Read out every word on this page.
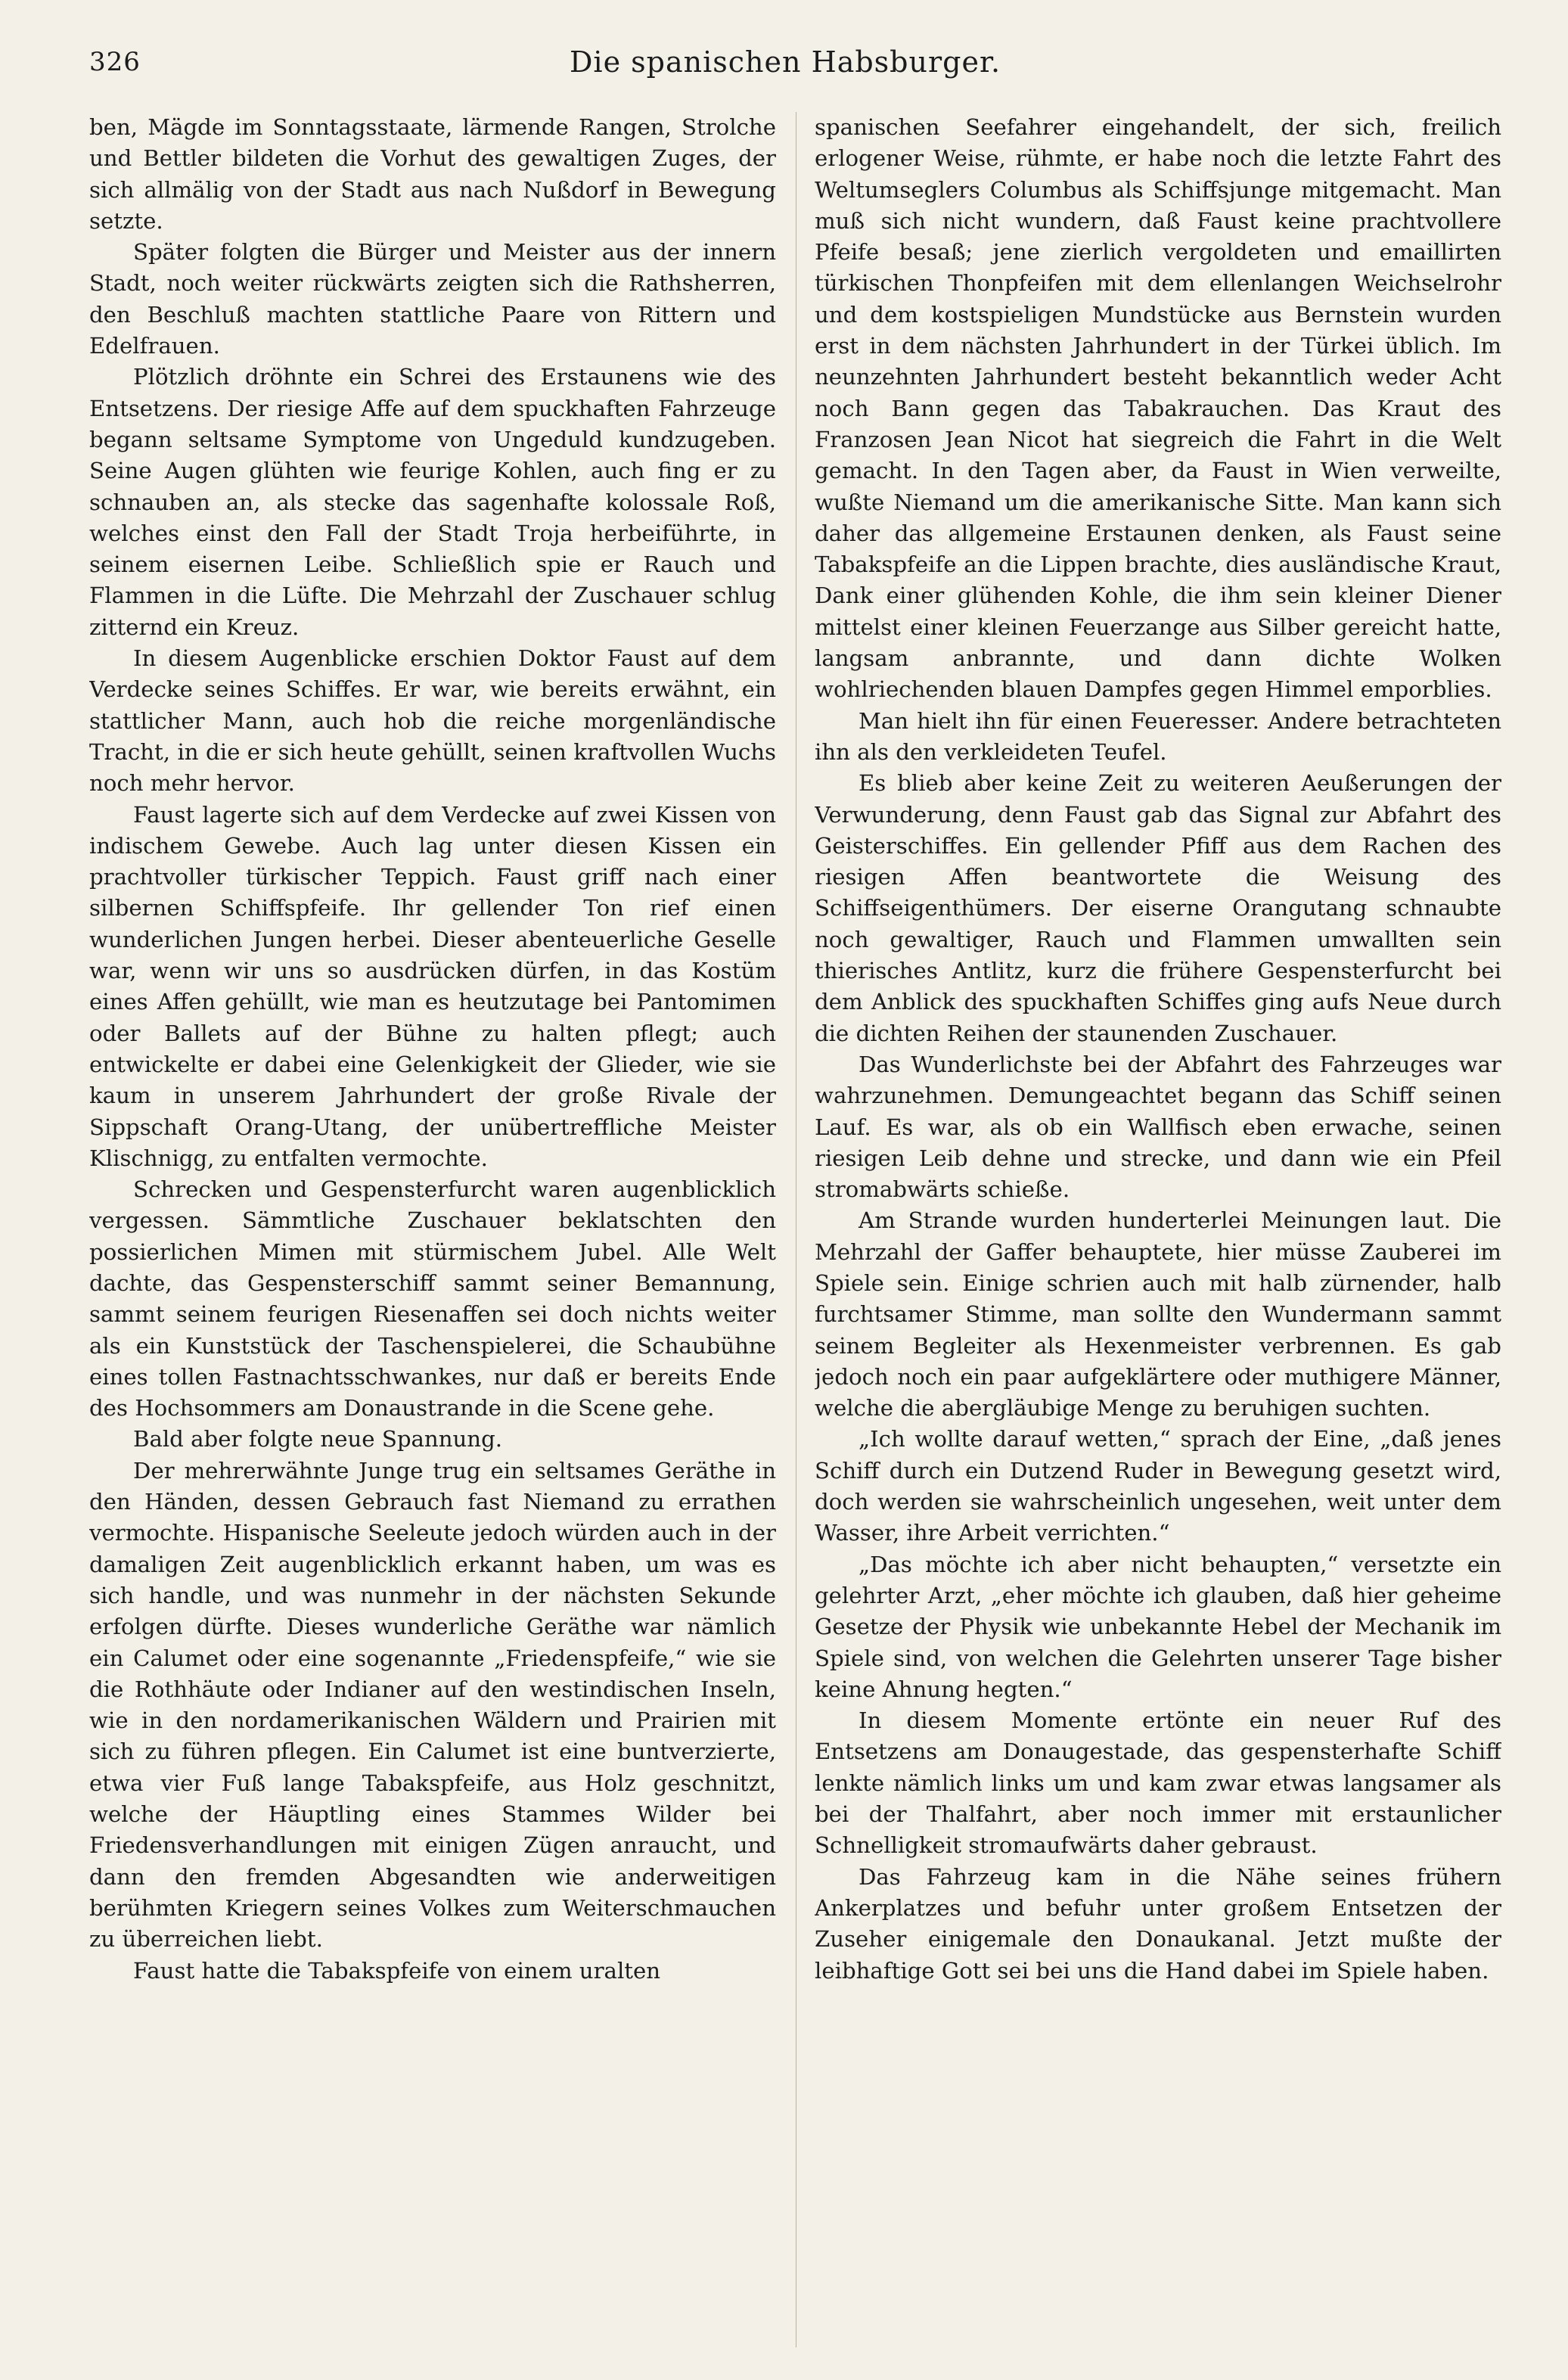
326	Die spanischen Habsburger.

ben, Mägde im Sonntagsstaate, lärmende Rangen, Strolche und Bettler bildeten die Vorhut des gewaltigen Zuges, der sich allmälig von der Stadt aus nach Nußdorf in Bewegung setzte.

Später folgten die Bürger und Meister aus der innern Stadt, noch weiter rückwärts zeigten sich die Rathsherren, den Beschluß machten stattliche Paare von Rittern und Edelfrauen.

Plötzlich dröhnte ein Schrei des Erstaunens wie des Entsetzens. Der riesige Affe auf dem spuckhaften Fahrzeuge begann seltsame Symptome von Ungeduld kundzugeben. Seine Augen glühten wie feurige Kohlen, auch fing er zu schnauben an, als stecke das sagenhafte kolossale Roß, welches einst den Fall der Stadt Troja herbeiführte, in seinem eisernen Leibe. Schließlich spie er Rauch und Flammen in die Lüfte. Die Mehrzahl der Zuschauer schlug zitternd ein Kreuz.

In diesem Augenblicke erschien Doktor Faust auf dem Verdecke seines Schiffes. Er war, wie bereits erwähnt, ein stattlicher Mann, auch hob die reiche morgenländische Tracht, in die er sich heute gehüllt, seinen kraftvollen Wuchs noch mehr hervor.

Faust lagerte sich auf dem Verdecke auf zwei Kissen von indischem Gewebe. Auch lag unter diesen Kissen ein prachtvoller türkischer Teppich. Faust griff nach einer silbernen Schiffspfeife. Ihr gellender Ton rief einen wunderlichen Jungen herbei. Dieser abenteuerliche Geselle war, wenn wir uns so ausdrücken dürfen, in das Kostüm eines Affen gehüllt, wie man es heutzutage bei Pantomimen oder Ballets auf der Bühne zu halten pflegt; auch entwickelte er dabei eine Gelenkigkeit der Glieder, wie sie kaum in unserem Jahrhundert der große Rivale der Sippschaft Orang-Utang, der unübertreffliche Meister Klischnigg, zu entfalten vermochte.

Schrecken und Gespensterfurcht waren augenblicklich vergessen. Sämmtliche Zuschauer beklatschten den possierlichen Mimen mit stürmischem Jubel. Alle Welt dachte, das Gespensterschiff sammt seiner Bemannung, sammt seinem feurigen Riesenaffen sei doch nichts weiter als ein Kunststück der Taschenspielerei, die Schaubühne eines tollen Fastnachtsschwankes, nur daß er bereits Ende des Hochsommers am Donaustrande in die Scene gehe.

Bald aber folgte neue Spannung.

Der mehrerwähnte Junge trug ein seltsames Geräthe in den Händen, dessen Gebrauch fast Niemand zu errathen vermochte. Hispanische Seeleute jedoch würden auch in der damaligen Zeit augenblicklich erkannt haben, um was es sich handle, und was nunmehr in der nächsten Sekunde erfolgen dürfte. Dieses wunderliche Geräthe war nämlich ein Calumet oder eine sogenannte „Friedenspfeife,“ wie sie die Rothhäute oder Indianer auf den westindischen Inseln, wie in den nordamerikanischen Wäldern und Prairien mit sich zu führen pflegen. Ein Calumet ist eine buntverzierte, etwa vier Fuß lange Tabakspfeife, aus Holz geschnitzt, welche der Häuptling eines Stammes Wilder bei Friedensverhandlungen mit einigen Zügen anraucht, und dann den fremden Abgesandten wie anderweitigen berühmten Kriegern seines Volkes zum Weiterschmauchen zu überreichen liebt.

Faust hatte die Tabakspfeife von einem uralten

spanischen Seefahrer eingehandelt, der sich, freilich erlogener Weise, rühmte, er habe noch die letzte Fahrt des Weltumseglers Columbus als Schiffsjunge mitgemacht. Man muß sich nicht wundern, daß Faust keine prachtvollere Pfeife besaß; jene zierlich vergoldeten und emaillirten türkischen Thonpfeifen mit dem ellenlangen Weichselrohr und dem kostspieligen Mundstücke aus Bernstein wurden erst in dem nächsten Jahrhundert in der Türkei üblich. Im neunzehnten Jahrhundert besteht bekanntlich weder Acht noch Bann gegen das Tabakrauchen. Das Kraut des Franzosen Jean Nicot hat siegreich die Fahrt in die Welt gemacht. In den Tagen aber, da Faust in Wien verweilte, wußte Niemand um die amerikanische Sitte. Man kann sich daher das allgemeine Erstaunen denken, als Faust seine Tabakspfeife an die Lippen brachte, dies ausländische Kraut, Dank einer glühenden Kohle, die ihm sein kleiner Diener mittelst einer kleinen Feuerzange aus Silber gereicht hatte, langsam anbrannte, und dann dichte Wolken wohlriechenden blauen Dampfes gegen Himmel emporblies.

Man hielt ihn für einen Feueresser. Andere betrachteten ihn als den verkleideten Teufel.

Es blieb aber keine Zeit zu weiteren Aeußerungen der Verwunderung, denn Faust gab das Signal zur Abfahrt des Geisterschiffes. Ein gellender Pfiff aus dem Rachen des riesigen Affen beantwortete die Weisung des Schiffseigenthümers. Der eiserne Orangutang schnaubte noch gewaltiger, Rauch und Flammen umwallten sein thierisches Antlitz, kurz die frühere Gespensterfurcht bei dem Anblick des spuckhaften Schiffes ging aufs Neue durch die dichten Reihen der staunenden Zuschauer.

Das Wunderlichste bei der Abfahrt des Fahrzeuges war wahrzunehmen. Demungeachtet begann das Schiff seinen Lauf. Es war, als ob ein Wallfisch eben erwache, seinen riesigen Leib dehne und strecke, und dann wie ein Pfeil stromabwärts schieße.

Am Strande wurden hunderterlei Meinungen laut. Die Mehrzahl der Gaffer behauptete, hier müsse Zauberei im Spiele sein. Einige schrien auch mit halb zürnender, halb furchtsamer Stimme, man sollte den Wundermann sammt seinem Begleiter als Hexenmeister verbrennen. Es gab jedoch noch ein paar aufgeklärtere oder muthigere Männer, welche die abergläubige Menge zu beruhigen suchten.

„Ich wollte darauf wetten,“ sprach der Eine, „daß jenes Schiff durch ein Dutzend Ruder in Bewegung gesetzt wird, doch werden sie wahrscheinlich ungesehen, weit unter dem Wasser, ihre Arbeit verrichten.“

„Das möchte ich aber nicht behaupten,“ versetzte ein gelehrter Arzt, „eher möchte ich glauben, daß hier geheime Gesetze der Physik wie unbekannte Hebel der Mechanik im Spiele sind, von welchen die Gelehrten unserer Tage bisher keine Ahnung hegten.“

In diesem Momente ertönte ein neuer Ruf des Entsetzens am Donaugestade, das gespensterhafte Schiff lenkte nämlich links um und kam zwar etwas langsamer als bei der Thalfahrt, aber noch immer mit erstaunlicher Schnelligkeit stromaufwärts daher gebraust.

Das Fahrzeug kam in die Nähe seines frühern Ankerplatzes und befuhr unter großem Entsetzen der Zuseher einigemale den Donaukanal. Jetzt mußte der leibhaftige Gott sei bei uns die Hand dabei im Spiele haben.
